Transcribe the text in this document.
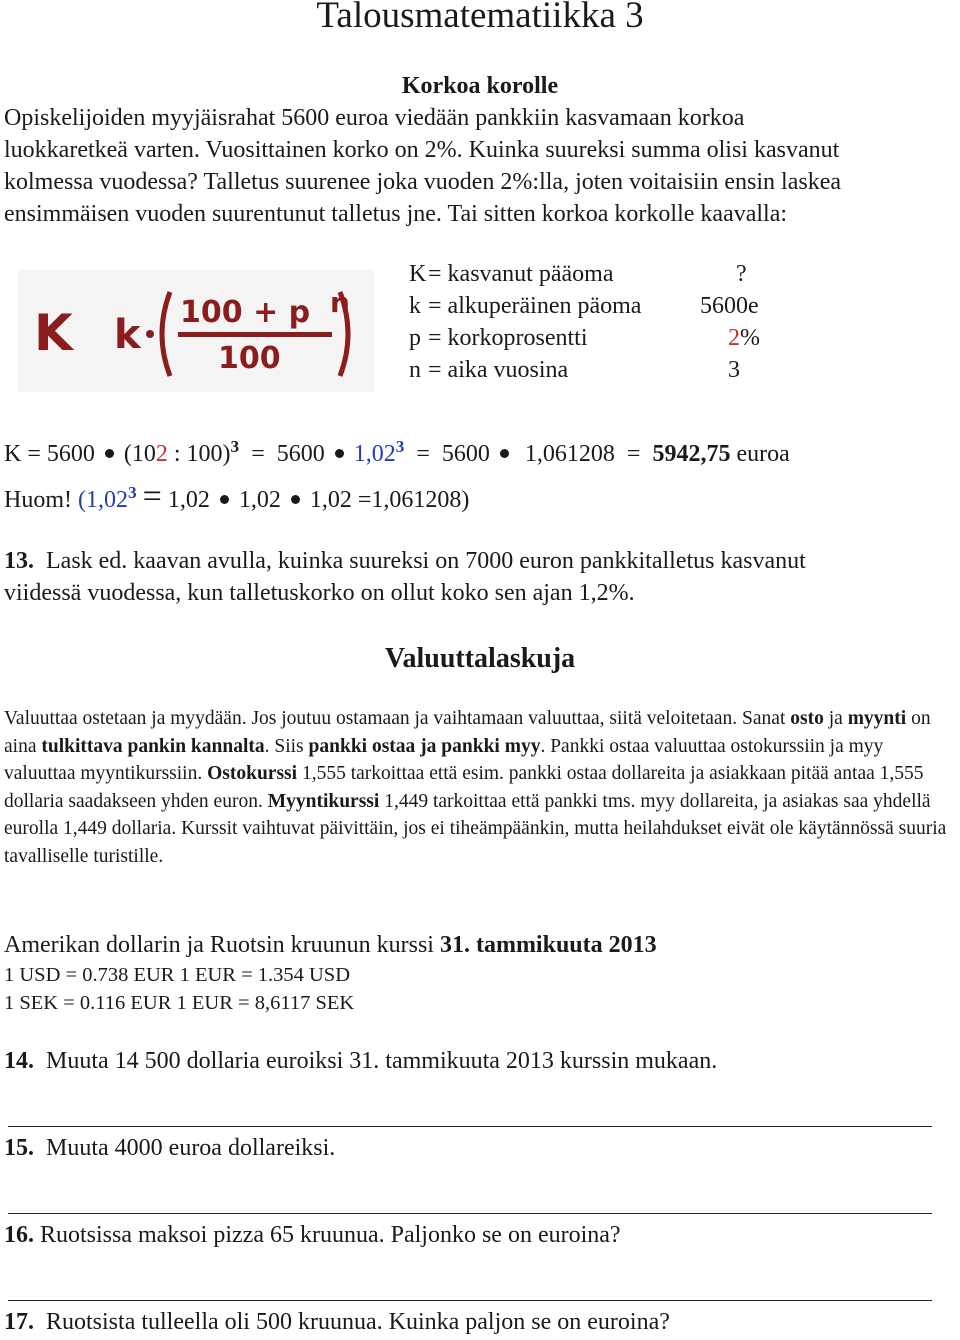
Talousmatematiikka 3
Korkoa korolle
Opiskelijoiden myyjäisrahat 5600 euroa viedään pankkiin kasvamaan korkoa
luokkaretkeä varten. Vuosittainen korko on 2%. Kuinka suureksi summa olisi kasvanut
kolmessa vuodessa? Talletus suurenee joka vuoden 2%:lla, joten voitaisiin ensin laskea
ensimmäisen vuoden suurentunut talletus jne. Tai sitten korkoa korkolle kaavalla:
K k 100 + p
100
n
K = kasvanut pääoma	?
k = alkuperäinen päoma 5600e
p = korkoprosentti	2%
n = aika vuosina	3
K = 5600 (102 : 100)$^3$ = 5600 $1,02^3 = 5600$ 1,061208 = 5942,75 euroa
Huom! ($1,02^3 = 1,02$ 1,02 1,02 =1,061208)
13. Lask ed. kaavan avulla, kuinka suureksi on 7000 euron pankkitalletus kasvanut
viidessä vuodessa, kun talletuskorko on ollut koko sen ajan 1,2%.
Valuuttalaskuja
Valuuttaa ostetaan ja myydään. Jos joutuu ostamaan ja vaihtamaan valuuttaa, siitä veloitetaan. Sanat osto ja myynti on aina tulkittava pankin kannalta. Siis pankki ostaa ja pankki myy. Pankki ostaa valuuttaa ostokurssiin ja myy valuuttaa myyntikurssiin. Ostokurssi 1,555 tarkoittaa että esim. pankki ostaa dollareita ja asiakkaan pitää antaa 1,555 dollaria saadakseen yhden euron. Myyntikurssi 1,449 tarkoittaa että pankki tms. myy dollareita, ja asiakas saa yhdellä eurolla 1,449 dollaria. Kurssit vaihtuvat päivittäin, jos ei tiheämpäänkin, mutta heilahdukset eivät ole käytännössä suuria tavalliselle turistille.
Amerikan dollarin ja Ruotsin kruunun kurssi 31. tammikuuta 2013
1 USD = 0.738 EUR 1 EUR = 1.354 USD
1 SEK = 0.116 EUR 1 EUR = 8,6117 SEK
14. Muuta 14 500 dollaria euroiksi 31. tammikuuta 2013 kurssin mukaan.
15. Muuta 4000 euroa dollareiksi.
16. Ruotsissa maksoi pizza 65 kruunua. Paljonko se on euroina?
17. Ruotsista tulleella oli 500 kruunua. Kuinka paljon se on euroina?
